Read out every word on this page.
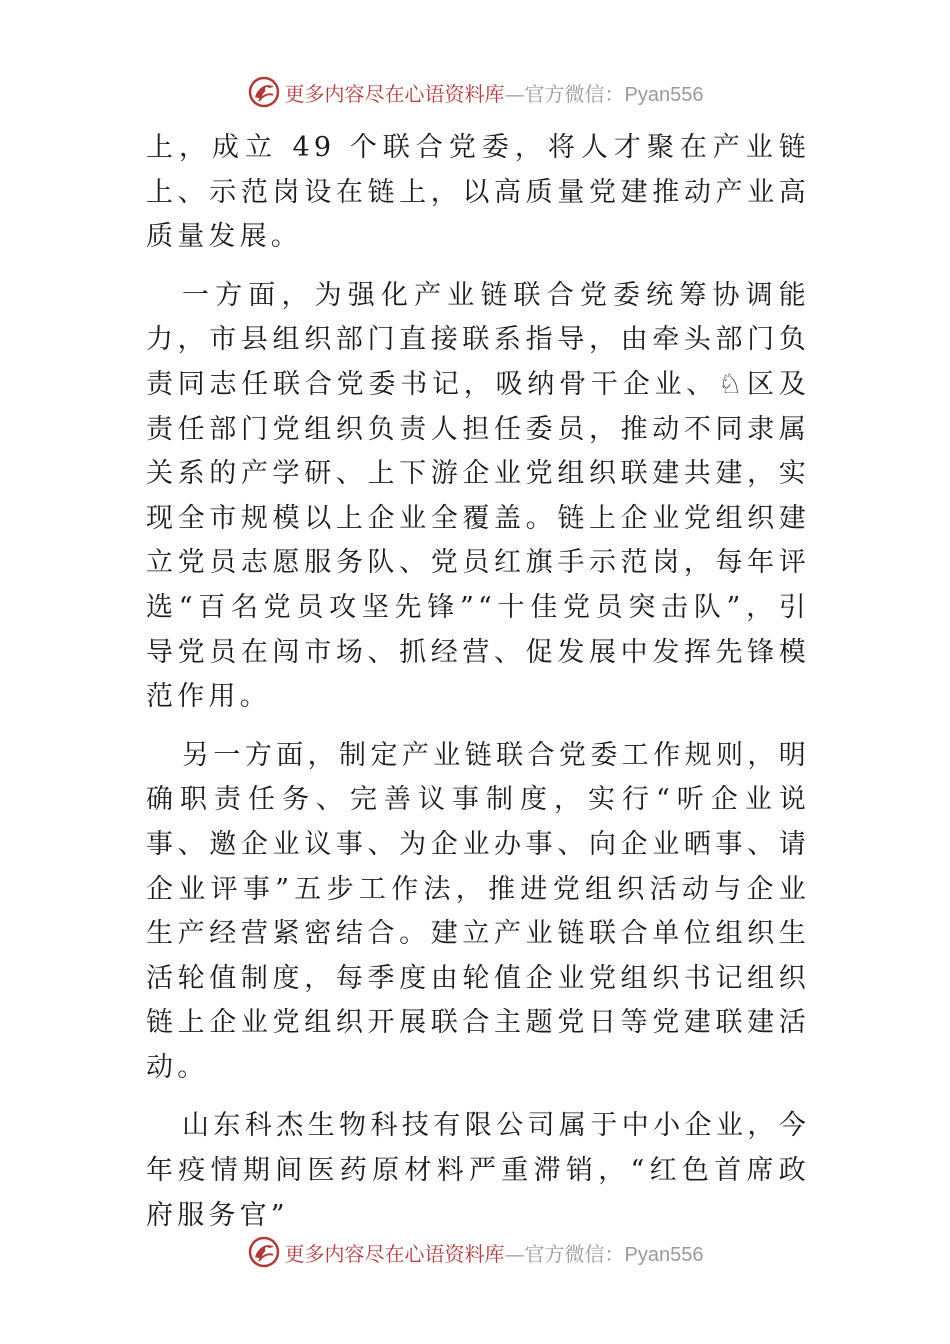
更多内容尽在心语资料库—官方微信：Pyan556

上，成立 49 个联合党委，将人才聚在产业链上、示范岗设在链上，以高质量党建推动产业高质量发展。

一方面，为强化产业链联合党委统筹协调能力，市县组织部门直接联系指导，由牵头部门负责同志任联合党委书记，吸纳骨干企业、♘区及责任部门党组织负责人担任委员，推动不同隶属关系的产学研、上下游企业党组织联建共建，实现全市规模以上企业全覆盖。链上企业党组织建立党员志愿服务队、党员红旗手示范岗，每年评选“百名党员攻坚先锋”“十佳党员突击队”，引导党员在闯市场、抓经营、促发展中发挥先锋模范作用。

另一方面，制定产业链联合党委工作规则，明确职责任务、完善议事制度，实行“听企业说事、邀企业议事、为企业办事、向企业晒事、请企业评事”五步工作法，推进党组织活动与企业生产经营紧密结合。建立产业链联合单位组织生活轮值制度，每季度由轮值企业党组织书记组织链上企业党组织开展联合主题党日等党建联建活动。

山东科杰生物科技有限公司属于中小企业，今年疫情期间医药原材料严重滞销，“红色首席政府服务官”

更多内容尽在心语资料库—官方微信：Pyan556
